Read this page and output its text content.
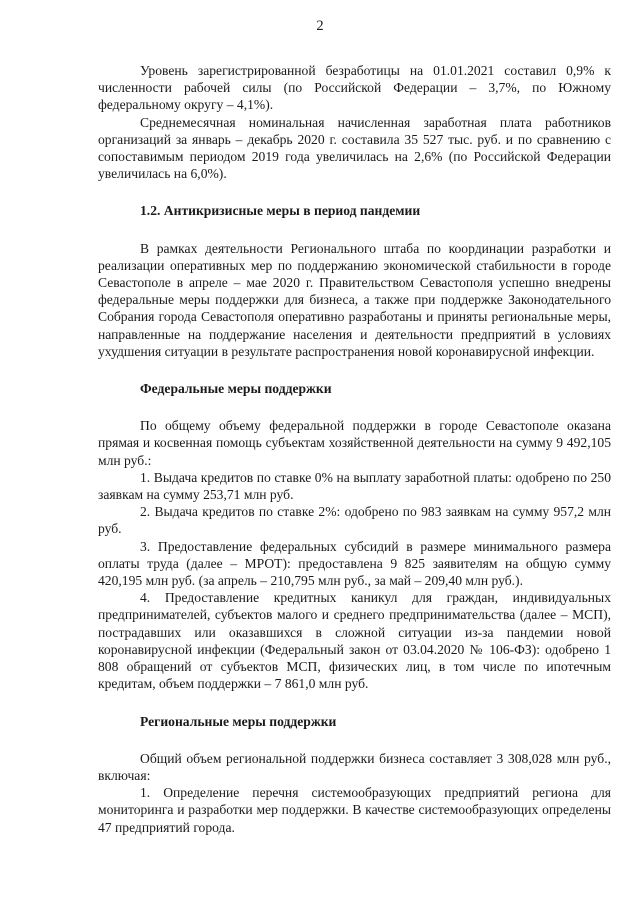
2

Уровень зарегистрированной безработицы на 01.01.2021 составил 0,9% к численности рабочей силы (по Российской Федерации – 3,7%, по Южному федеральному округу – 4,1%).

Среднемесячная номинальная начисленная заработная плата работников организаций за январь – декабрь 2020 г. составила 35 527 тыс. руб. и по сравнению с сопоставимым периодом 2019 года увеличилась на 2,6% (по Российской Федерации увеличилась на 6,0%).

1.2. Антикризисные меры в период пандемии

В рамках деятельности Регионального штаба по координации разработки и реализации оперативных мер по поддержанию экономической стабильности в городе Севастополе в апреле – мае 2020 г. Правительством Севастополя успешно внедрены федеральные меры поддержки для бизнеса, а также при поддержке Законодательного Собрания города Севастополя оперативно разработаны и приняты региональные меры, направленные на поддержание населения и деятельности предприятий в условиях ухудшения ситуации в результате распространения новой коронавирусной инфекции.

Федеральные меры поддержки

По общему объему федеральной поддержки в городе Севастополе оказана прямая и косвенная помощь субъектам хозяйственной деятельности на сумму 9 492,105 млн руб.:

1. Выдача кредитов по ставке 0% на выплату заработной платы: одобрено по 250 заявкам на сумму 253,71 млн руб.

2. Выдача кредитов по ставке 2%: одобрено по 983 заявкам на сумму 957,2 млн руб.

3. Предоставление федеральных субсидий в размере минимального размера оплаты труда (далее – МРОТ): предоставлена 9 825 заявителям на общую сумму 420,195 млн руб. (за апрель – 210,795 млн руб., за май – 209,40 млн руб.).

4. Предоставление кредитных каникул для граждан, индивидуальных предпринимателей, субъектов малого и среднего предпринимательства (далее – МСП), пострадавших или оказавшихся в сложной ситуации из-за пандемии новой коронавирусной инфекции (Федеральный закон от 03.04.2020 № 106-ФЗ): одобрено 1 808 обращений от субъектов МСП, физических лиц, в том числе по ипотечным кредитам, объем поддержки – 7 861,0 млн руб.

Региональные меры поддержки

Общий объем региональной поддержки бизнеса составляет 3 308,028 млн руб., включая:

1. Определение перечня системообразующих предприятий региона для мониторинга и разработки мер поддержки. В качестве системообразующих определены 47 предприятий города.
